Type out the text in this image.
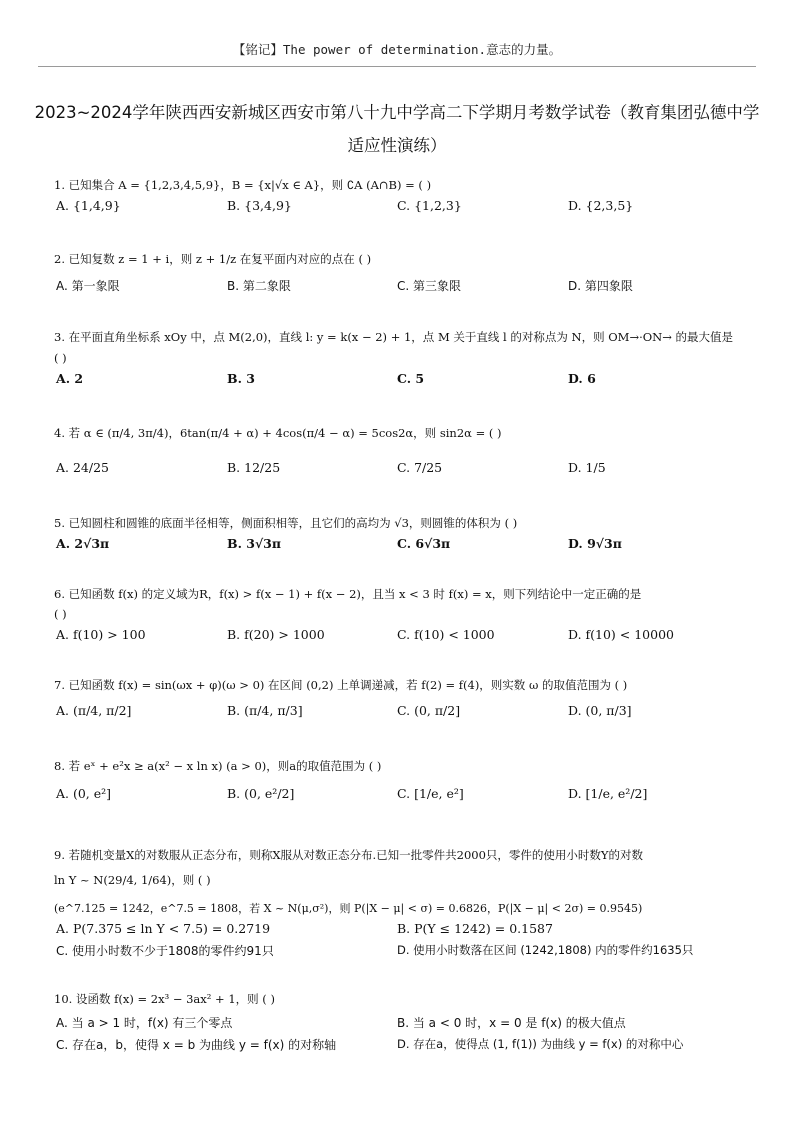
【铭记】The power of determination.意志的力量。
2023~2024学年陕西西安新城区西安市第八十九中学高二下学期月考数学试卷（教育集团弘德中学
适应性演练）
1. 已知集合 A = {1,2,3,4,5,9}，B = {x|√x ∈ A}，则 ∁A (A∩B) = ( )
A. {1,4,9}	B. {3,4,9}	C. {1,2,3}	D. {2,3,5}
2. 已知复数 z = 1 + i，则 z + 1/z 在复平面内对应的点在 ( )
A. 第一象限	B. 第二象限	C. 第三象限	D. 第四象限
3. 在平面直角坐标系 xOy 中，点 M(2,0)，直线 l: y = k(x − 2) + 1，点 M 关于直线 l 的对称点为 N，则 OM→·ON→ 的最大值是
( )
A. 2	B. 3	C. 5	D. 6
4. 若 α ∈ (π/4, 3π/4)，6tan(π/4 + α) + 4cos(π/4 − α) = 5cos2α，则 sin2α = ( )
A. 24/25	B. 12/25	C. 7/25	D. 1/5
5. 已知圆柱和圆锥的底面半径相等，侧面积相等，且它们的高均为 √3，则圆锥的体积为 ( )
A. 2√3π	B. 3√3π	C. 6√3π	D. 9√3π
6. 已知函数 f(x) 的定义域为R，f(x) > f(x − 1) + f(x − 2)，且当 x < 3 时 f(x) = x，则下列结论中一定正确的是
( )
A. f(10) > 100	B. f(20) > 1000	C. f(10) < 1000	D. f(10) < 10000
7. 已知函数 f(x) = sin(ωx + φ)(ω > 0) 在区间 (0,2) 上单调递减，若 f(2) = f(4)，则实数 ω 的取值范围为 ( )
A. (π/4, π/2]	B. (π/4, π/3]	C. (0, π/2]	D. (0, π/3]
8. 若 eˣ + e²x ≥ a(x² − x ln x) (a > 0)，则a的取值范围为 ( )
A. (0, e²]	B. (0, e²/2]	C. [1/e, e²]	D. [1/e, e²/2]
9. 若随机变量X的对数服从正态分布，则称X服从对数正态分布.已知一批零件共2000只，零件的使用小时数Y的对数
ln Y ~ N(29/4, 1/64)，则 ( )
(e^7.125 = 1242，e^7.5 = 1808，若 X ~ N(μ,σ²)，则 P(|X − μ| < σ) = 0.6826，P(|X − μ| < 2σ) = 0.9545)
A. P(7.375 ≤ ln Y < 7.5) = 0.2719	B. P(Y ≤ 1242) = 0.1587
C. 使用小时数不少于1808的零件约91只	D. 使用小时数落在区间 (1242,1808) 内的零件约1635只
10. 设函数 f(x) = 2x³ − 3ax² + 1，则 ( )
A. 当 a > 1 时，f(x) 有三个零点	B. 当 a < 0 时，x = 0 是 f(x) 的极大值点
C. 存在a，b，使得 x = b 为曲线 y = f(x) 的对称轴	D. 存在a，使得点 (1, f(1)) 为曲线 y = f(x) 的对称中心
